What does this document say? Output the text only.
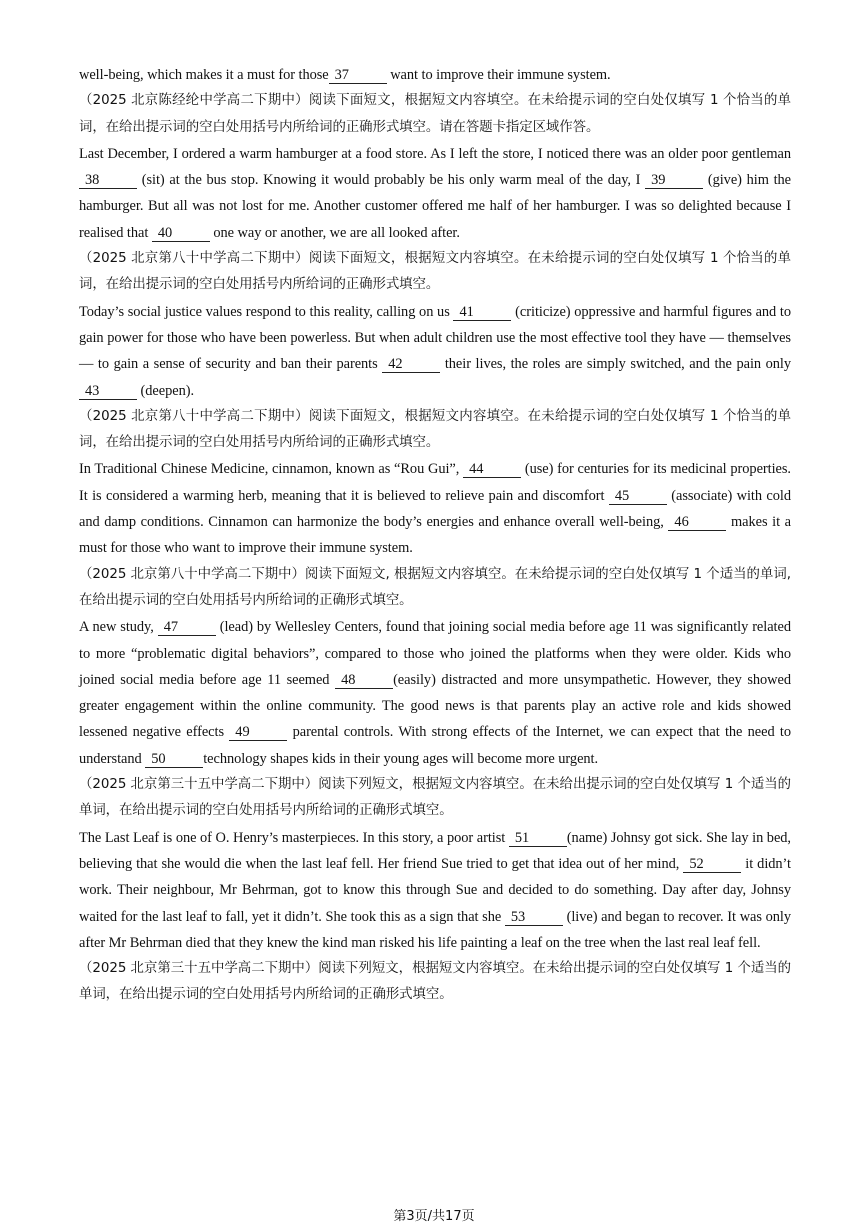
well-being, which makes it a must for those 37	want to improve their immune system.

（2025 北京陈经纶中学高二下期中）阅读下面短文，根据短文内容填空。在未给提示词的空白处仅填写 1 个恰当的单词，在给出提示词的空白处用括号内所给词的正确形式填空。请在答题卡指定区域作答。

Last December, I ordered a warm hamburger at a food store. As I left the store, I noticed there was an older poor gentleman 38	(sit) at the bus stop. Knowing it would probably be his only warm meal of the day, I 39	(give) him the hamburger. But all was not lost for me. Another customer offered me half of her hamburger. I was so delighted because I realised that 40	one way or another, we are all looked after.

（2025 北京第八十中学高二下期中）阅读下面短文，根据短文内容填空。在未给提示词的空白处仅填写 1 个恰当的单词，在给出提示词的空白处用括号内所给词的正确形式填空。

Today’s social justice values respond to this reality, calling on us 41	(criticize) oppressive and harmful figures and to gain power for those who have been powerless. But when adult children use the most effective tool they have — themselves — to gain a sense of security and ban their parents 42	their lives, the roles are simply switched, and the pain only 43	(deepen).

（2025 北京第八十中学高二下期中）阅读下面短文，根据短文内容填空。在未给提示词的空白处仅填写 1 个恰当的单词，在给出提示词的空白处用括号内所给词的正确形式填空。

In Traditional Chinese Medicine, cinnamon, known as “Rou Gui”, 44	(use) for centuries for its medicinal properties. It is considered a warming herb, meaning that it is believed to relieve pain and discomfort 45	(associate) with cold and damp conditions. Cinnamon can harmonize the body’s energies and enhance overall well-being, 46	makes it a must for those who want to improve their immune system.

（2025 北京第八十中学高二下期中）阅读下面短文, 根据短文内容填空。在未给提示词的空白处仅填写 1 个适当的单词, 在给出提示词的空白处用括号内所给词的正确形式填空。

A new study, 47	(lead) by Wellesley Centers, found that joining social media before age 11 was significantly related to more “problematic digital behaviors”, compared to those who joined the platforms when they were older. Kids who joined social media before age 11 seemed 48	(easily) distracted and more unsympathetic. However, they showed greater engagement within the online community. The good news is that parents play an active role and kids showed lessened negative effects 49	parental controls. With strong effects of the Internet, we can expect that the need to understand 50	technology shapes kids in their young ages will become more urgent.

（2025 北京第三十五中学高二下期中）阅读下列短文，根据短文内容填空。在未给出提示词的空白处仅填写 1 个适当的单词，在给出提示词的空白处用括号内所给词的正确形式填空。

The Last Leaf is one of O. Henry’s masterpieces. In this story, a poor artist 51	(name) Johnsy got sick. She lay in bed, believing that she would die when the last leaf fell. Her friend Sue tried to get that idea out of her mind, 52	it didn’t work. Their neighbour, Mr Behrman, got to know this through Sue and decided to do something. Day after day, Johnsy waited for the last leaf to fall, yet it didn’t. She took this as a sign that she 53	(live) and began to recover. It was only after Mr Behrman died that they knew the kind man risked his life painting a leaf on the tree when the last real leaf fell.

（2025 北京第三十五中学高二下期中）阅读下列短文，根据短文内容填空。在未给出提示词的空白处仅填写 1 个适当的单词，在给出提示词的空白处用括号内所给词的正确形式填空。

第3页/共17页
